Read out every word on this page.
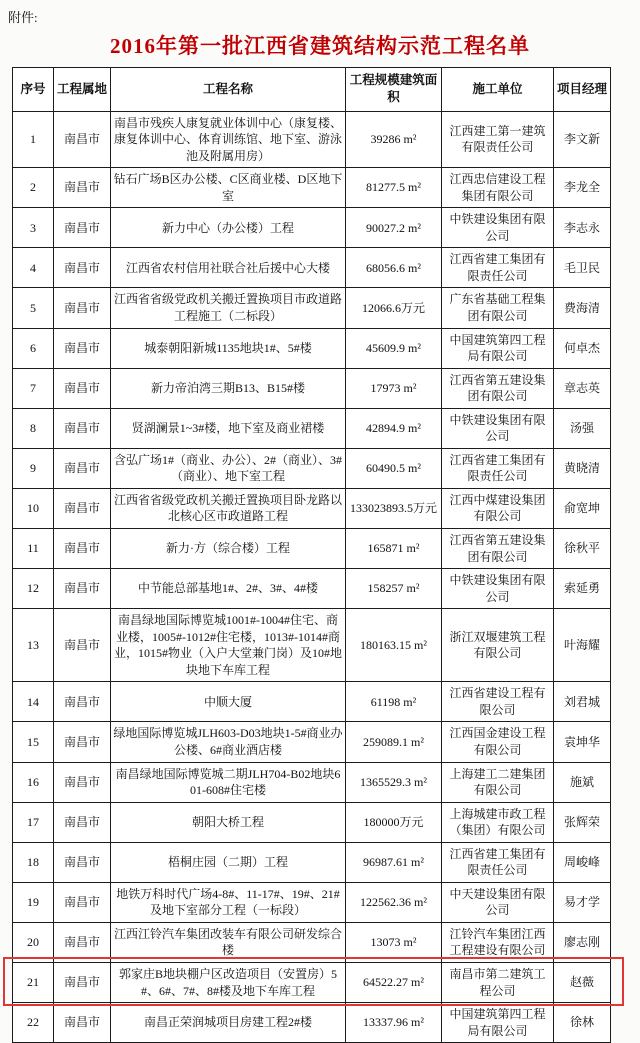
附件:
2016年第一批江西省建筑结构示范工程名单
序号	工程属地	工程名称	工程规模建筑面积	施工单位	项目经理
1	南昌市	南昌市残疾人康复就业体训中心（康复楼、康复体训中心、体育训练馆、地下室、游泳池及附属用房）	39286 m²	江西建工第一建筑有限责任公司	李文新
2	南昌市	钻石广场B区办公楼、C区商业楼、D区地下室	81277.5 m²	江西忠信建设工程集团有限公司	李龙全
3	南昌市	新力中心（办公楼）工程	90027.2 m²	中铁建设集团有限公司	李志永
4	南昌市	江西省农村信用社联合社后援中心大楼	68056.6 m²	江西省建工集团有限责任公司	毛卫民
5	南昌市	江西省省级党政机关搬迁置换项目市政道路工程施工（二标段）	12066.6万元	广东省基础工程集团有限公司	费海清
6	南昌市	城泰朝阳新城1135地块1#、5#楼	45609.9 m²	中国建筑第四工程局有限公司	何卓杰
7	南昌市	新力帝泊湾三期B13、B15#楼	17973 m²	江西省第五建设集团有限公司	章志英
8	南昌市	贤湖澜景1~3#楼，地下室及商业裙楼	42894.9 m²	中铁建设集团有限公司	汤强
9	南昌市	含弘广场1#（商业、办公）、2#（商业）、3#（商业）、地下室工程	60490.5 m²	江西省建工集团有限责任公司	黄晓清
10	南昌市	江西省省级党政机关搬迁置换项目卧龙路以北核心区市政道路工程	133023893.5万元	江西中煤建设集团有限公司	俞宽坤
11	南昌市	新力·方（综合楼）工程	165871 m²	江西省第五建设集团有限公司	徐秋平
12	南昌市	中节能总部基地1#、2#、3#、4#楼	158257 m²	中铁建设集团有限公司	索延勇
13	南昌市	南昌绿地国际博览城1001#-1004#住宅、商业楼，1005#-1012#住宅楼，1013#-1014#商业，1015#物业（入户大堂兼门岗）及10#地块地下车库工程	180163.15 m²	浙江双堰建筑工程有限公司	叶海耀
14	南昌市	中顺大厦	61198 m²	江西省建设工程有限公司	刘君城
15	南昌市	绿地国际博览城JLH603-D03地块1-5#商业办公楼、6#商业酒店楼	259089.1 m²	江西国金建设工程有限公司	袁坤华
16	南昌市	南昌绿地国际博览城二期JLH704-B02地块601-608#住宅楼	1365529.3 m²	上海建工二建集团有限公司	施斌
17	南昌市	朝阳大桥工程	180000万元	上海城建市政工程（集团）有限公司	张辉荣
18	南昌市	梧桐庄园（二期）工程	96987.61 m²	江西省建工集团有限责任公司	周峻峰
19	南昌市	地铁万科时代广场4-8#、11-17#、19#、21#及地下室部分工程（一标段）	122562.36 m²	中天建设集团有限公司	易才学
20	南昌市	江西江铃汽车集团改装车有限公司研发综合楼	13073 m²	江铃汽车集团江西工程建设有限公司	廖志刚
21	南昌市	郭家庄B地块棚户区改造项目（安置房）5#、6#、7#、8#楼及地下车库工程	64522.27 m²	南昌市第二建筑工程公司	赵薇
22	南昌市	南昌正荣润城项目房建工程2#楼	13337.96 m²	中国建筑第四工程局有限公司	徐林
